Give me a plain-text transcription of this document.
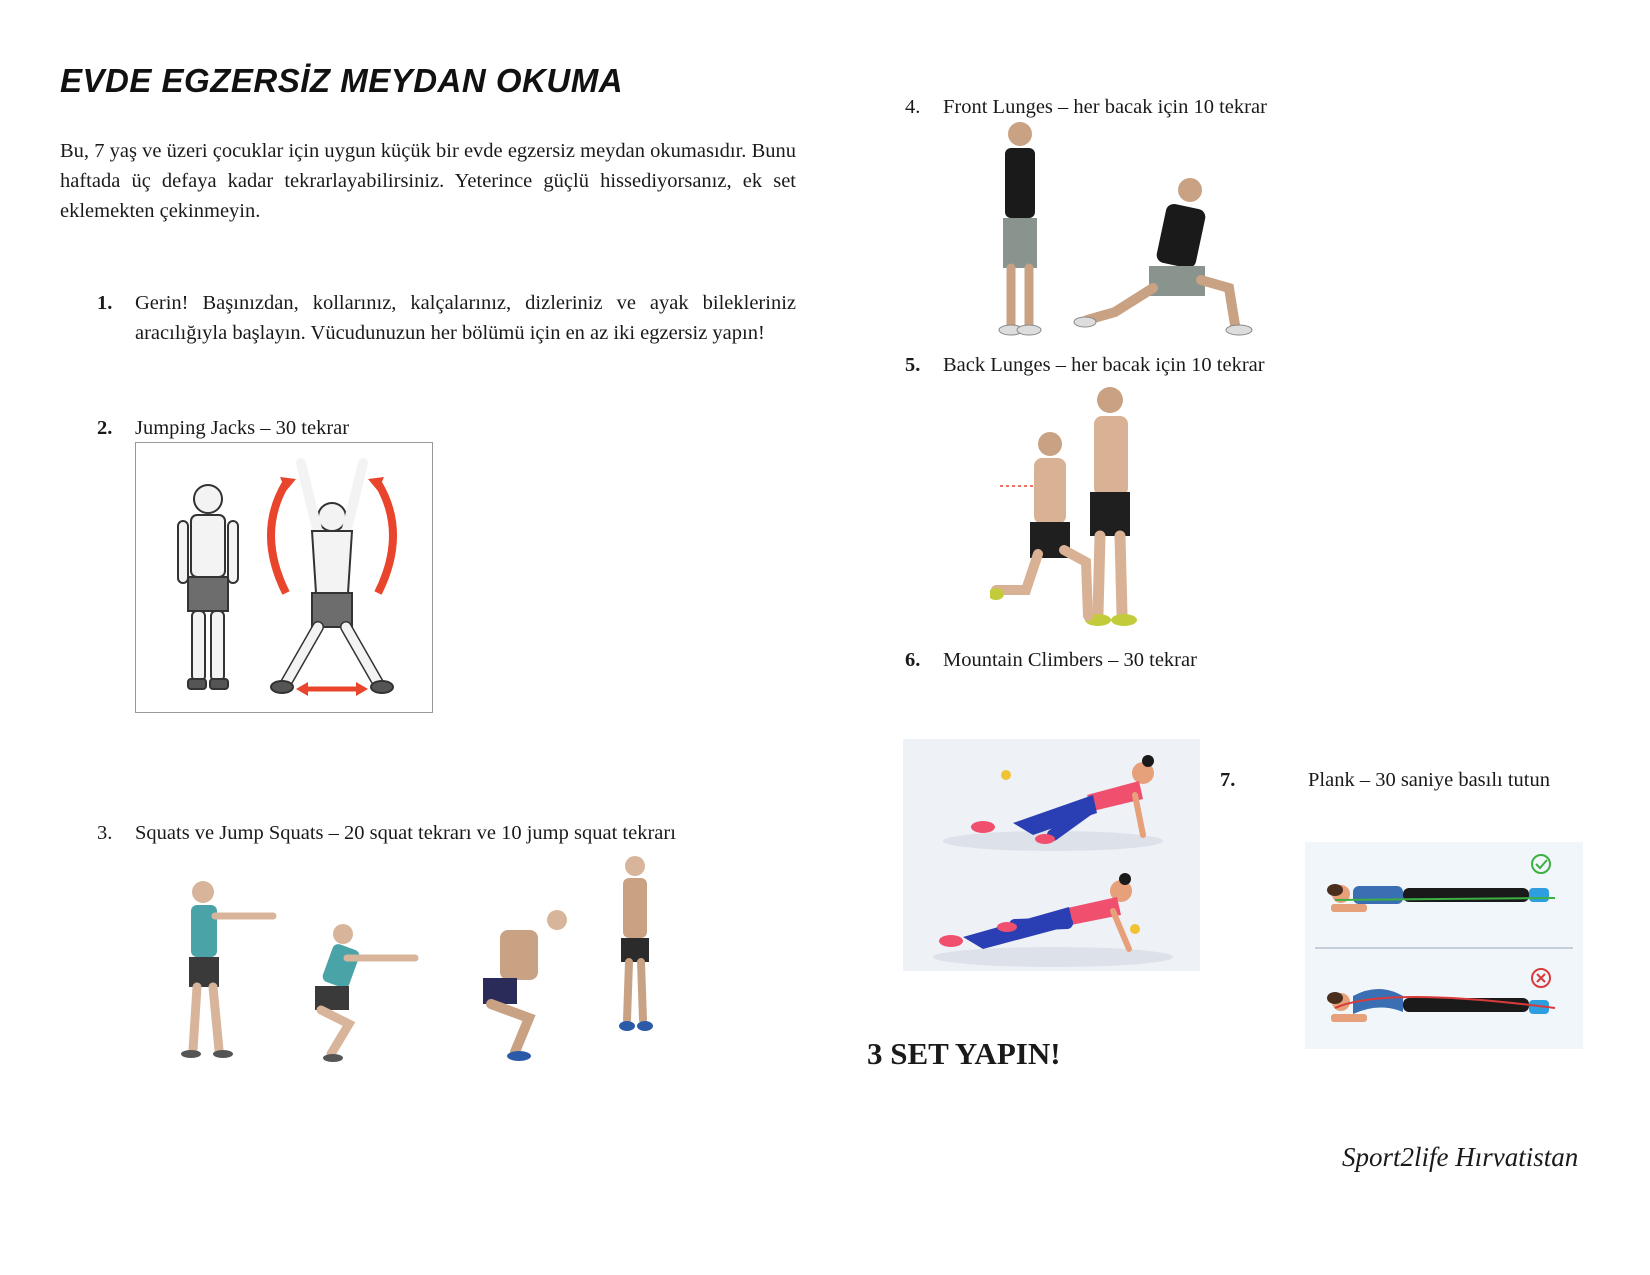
EVDE EGZERSİZ MEYDAN OKUMA
Bu, 7 yaş ve üzeri çocuklar için uygun küçük bir evde egzersiz meydan okumasıdır. Bunu haftada üç defaya kadar tekrarlayabilirsiniz. Yeterince güçlü hissediyorsanız, ek set eklemekten çekinmeyin.
1.	Gerin! Başınızdan, kollarınız, kalçalarınız, dizleriniz ve ayak bilekleriniz aracılığıyla başlayın. Vücudunuzun her bölümü için en az iki egzersiz yapın!
2.	Jumping Jacks – 30 tekrar
3.	Squats ve Jump Squats – 20 squat tekrarı ve 10 jump squat tekrarı
4.	Front Lunges – her bacak için 10 tekrar
5.	Back Lunges – her bacak için 10 tekrar
6.	Mountain Climbers – 30 tekrar
7.	Plank – 30 saniye basılı tutun
3 SET YAPIN!
Sport2life Hırvatistan
